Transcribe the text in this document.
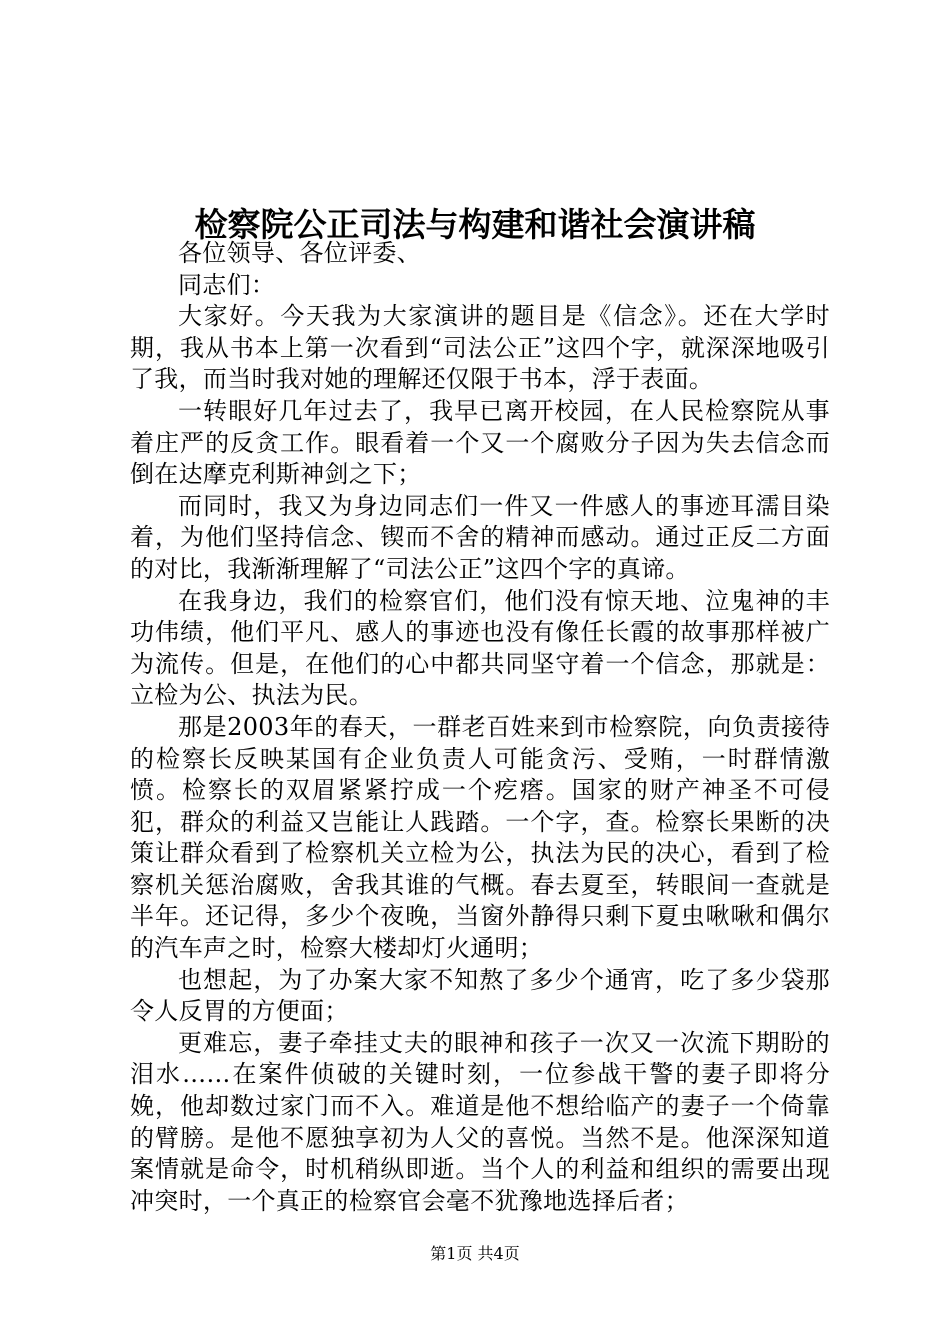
检察院公正司法与构建和谐社会演讲稿

各位领导、各位评委、

同志们：

大家好。今天我为大家演讲的题目是《信念》。还在大学时期，我从书本上第一次看到“司法公正”这四个字，就深深地吸引了我，而当时我对她的理解还仅限于书本，浮于表面。

一转眼好几年过去了，我早已离开校园，在人民检察院从事着庄严的反贪工作。眼看着一个又一个腐败分子因为失去信念而倒在达摩克利斯神剑之下；

而同时，我又为身边同志们一件又一件感人的事迹耳濡目染着，为他们坚持信念、锲而不舍的精神而感动。通过正反二方面的对比，我渐渐理解了“司法公正”这四个字的真谛。

在我身边，我们的检察官们，他们没有惊天地、泣鬼神的丰功伟绩，他们平凡、感人的事迹也没有像任长霞的故事那样被广为流传。但是，在他们的心中都共同坚守着一个信念，那就是：立检为公、执法为民。

那是2003年的春天，一群老百姓来到市检察院，向负责接待的检察长反映某国有企业负责人可能贪污、受贿，一时群情激愤。检察长的双眉紧紧拧成一个疙瘩。国家的财产神圣不可侵犯，群众的利益又岂能让人践踏。一个字，查。检察长果断的决策让群众看到了检察机关立检为公，执法为民的决心，看到了检察机关惩治腐败，舍我其谁的气概。春去夏至，转眼间一查就是半年。还记得，多少个夜晚，当窗外静得只剩下夏虫啾啾和偶尔的汽车声之时，检察大楼却灯火通明；

也想起，为了办案大家不知熬了多少个通宵，吃了多少袋那令人反胃的方便面；

更难忘，妻子牵挂丈夫的眼神和孩子一次又一次流下期盼的泪水……在案件侦破的关键时刻，一位参战干警的妻子即将分娩，他却数过家门而不入。难道是他不想给临产的妻子一个倚靠的臂膀。是他不愿独享初为人父的喜悦。当然不是。他深深知道案情就是命令，时机稍纵即逝。当个人的利益和组织的需要出现冲突时，一个真正的检察官会毫不犹豫地选择后者；

第1页 共4页
